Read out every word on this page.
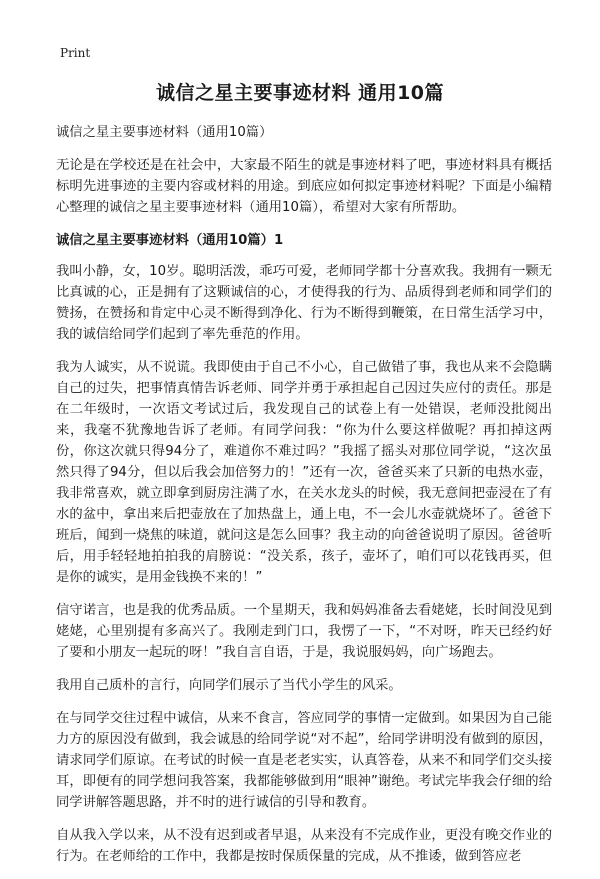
Print
诚信之星主要事迹材料 通用10篇

诚信之星主要事迹材料（通用10篇）

无论是在学校还是在社会中，大家最不陌生的就是事迹材料了吧，事迹材料具有概括标明先进事迹的主要内容或材料的用途。到底应如何拟定事迹材料呢？下面是小编精心整理的诚信之星主要事迹材料（通用10篇），希望对大家有所帮助。

诚信之星主要事迹材料（通用10篇）1

我叫小静，女，10岁。聪明活泼，乖巧可爱，老师同学都十分喜欢我。我拥有一颗无比真诚的心，正是拥有了这颗诚信的心，才使得我的行为、品质得到老师和同学们的赞扬，在赞扬和肯定中心灵不断得到净化、行为不断得到鞭策，在日常生活学习中，我的诚信给同学们起到了率先垂范的作用。

我为人诚实，从不说谎。我即使由于自己不小心，自己做错了事，我也从来不会隐瞒自己的过失，把事情真情告诉老师、同学并勇于承担起自己因过失应付的责任。那是在二年级时，一次语文考试过后，我发现自己的试卷上有一处错误，老师没批阅出来，我毫不犹豫地告诉了老师。有同学问我：“你为什么要这样做呢？再扣掉这两份，你这次就只得94分了，难道你不难过吗？”我摇了摇头对那位同学说，“这次虽然只得了94分，但以后我会加倍努力的！”还有一次，爸爸买来了只新的电热水壶，我非常喜欢，就立即拿到厨房注满了水，在关水龙头的时候，我无意间把壶浸在了有水的盆中，拿出来后把壶放在了加热盘上，通上电，不一会儿水壶就烧坏了。爸爸下班后，闻到一烧焦的味道，就问这是怎么回事？我主动的向爸爸说明了原因。爸爸听后，用手轻轻地拍拍我的肩膀说：“没关系，孩子，壶坏了，咱们可以花钱再买，但是你的诚实，是用金钱换不来的！”

信守诺言，也是我的优秀品质。一个星期天，我和妈妈准备去看姥姥，长时间没见到姥姥，心里别提有多高兴了。我刚走到门口，我愣了一下，“不对呀，昨天已经约好了要和小朋友一起玩的呀！”我自言自语，于是，我说服妈妈，向广场跑去。

我用自己质朴的言行，向同学们展示了当代小学生的风采。

在与同学交往过程中诚信，从来不食言，答应同学的事情一定做到。如果因为自己能力方的原因没有做到，我会诚恳的给同学说“对不起”，给同学讲明没有做到的原因，请求同学们原谅。在考试的时候一直是老老实实，认真答卷，从来不和同学们交头接耳，即便有的同学想问我答案，我都能够做到用“眼神”谢绝。考试完毕我会仔细的给同学讲解答题思路，并不时的进行诚信的引导和教育。

自从我入学以来，从不没有迟到或者早退，从来没有不完成作业，更没有晚交作业的行为。在老师给的工作中，我都是按时保质保量的完成，从不推诿，做到答应老
